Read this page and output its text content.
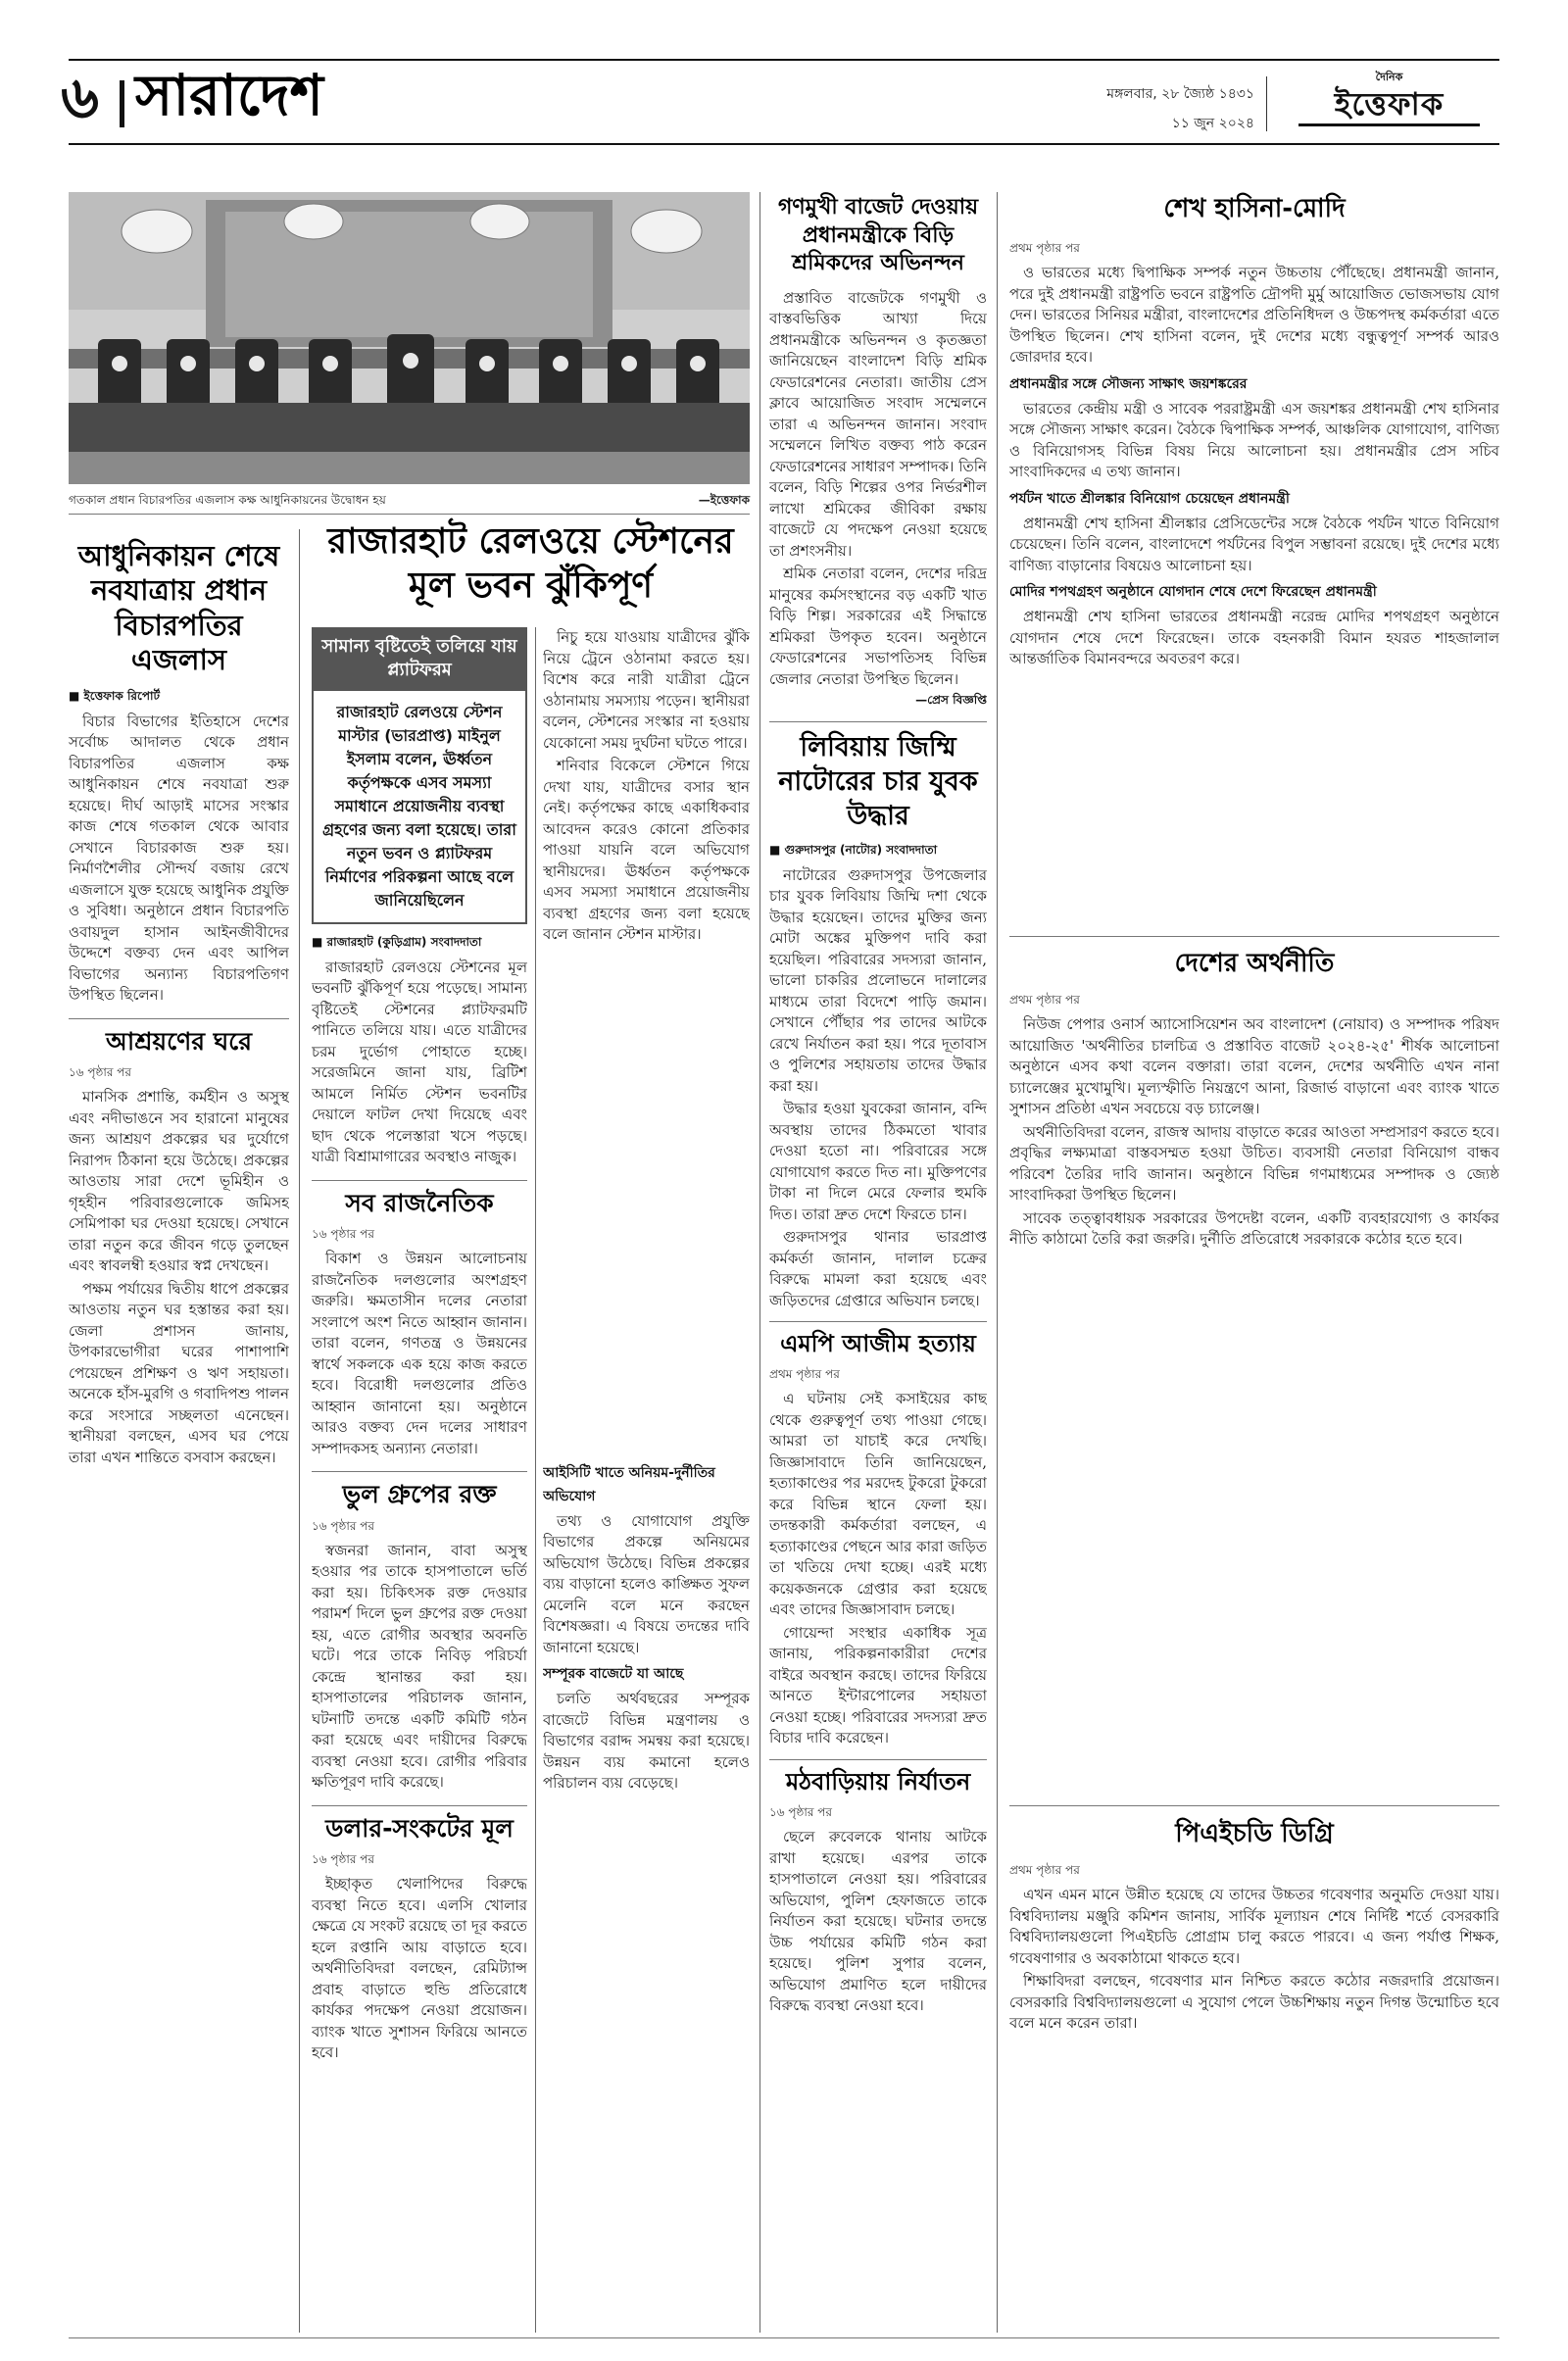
৬ সারাদেশ	মঙ্গলবার, ২৮ জ্যৈষ্ঠ ১৪৩১
১১ জুন ২০২৪
দৈনিক
ইত্তেফাক
গতকাল প্রধান বিচারপতির এজলাস কক্ষ আধুনিকায়নের উদ্বোধন হয়	—ইত্তেফাক
আধুনিকায়ন শেষে নবযাত্রায় প্রধান বিচারপতির এজলাস
■ ইত্তেফাক রিপোর্ট

বিচার বিভাগের ইতিহাসে দেশের সর্বোচ্চ আদালত থেকে প্রধান বিচারপতির এজলাস কক্ষ আধুনিকায়ন শেষে নবযাত্রা শুরু হয়েছে। দীর্ঘ আড়াই মাসের সংস্কার কাজ শেষে গতকাল থেকে আবার সেখানে বিচারকাজ শুরু হয়। নির্মাণশৈলীর সৌন্দর্য বজায় রেখে এজলাসে যুক্ত হয়েছে আধুনিক প্রযুক্তি ও সুবিধা। অনুষ্ঠানে প্রধান বিচারপতি ওবায়দুল হাসান আইনজীবীদের উদ্দেশে বক্তব্য দেন এবং আপিল বিভাগের অন্যান্য বিচারপতিগণ উপস্থিত ছিলেন।

আশ্রয়ণের ঘরে
১৬ পৃষ্ঠার পর

মানসিক প্রশান্তি, কর্মহীন ও অসুস্থ এবং নদীভাঙনে সব হারানো মানুষের জন্য আশ্রয়ণ প্রকল্পের ঘর দুর্যোগে নিরাপদ ঠিকানা হয়ে উঠেছে। প্রকল্পের আওতায় সারা দেশে ভূমিহীন ও গৃহহীন পরিবারগুলোকে জমিসহ সেমিপাকা ঘর দেওয়া হয়েছে। সেখানে তারা নতুন করে জীবন গড়ে তুলছেন এবং স্বাবলম্বী হওয়ার স্বপ্ন দেখছেন।

পক্ষম পর্যায়ের দ্বিতীয় ধাপে প্রকল্পের আওতায় নতুন ঘর হস্তান্তর করা হয়। জেলা প্রশাসন জানায়, উপকারভোগীরা ঘরের পাশাপাশি পেয়েছেন প্রশিক্ষণ ও ঋণ সহায়তা। অনেকে হাঁস-মুরগি ও গবাদিপশু পালন করে সংসারে সচ্ছলতা এনেছেন। স্থানীয়রা বলছেন, এসব ঘর পেয়ে তারা এখন শান্তিতে বসবাস করছেন।

রাজারহাট রেলওয়ে স্টেশনের মূল ভবন ঝুঁকিপূর্ণ
সামান্য বৃষ্টিতেই তলিয়ে যায় প্ল্যাটফরম
রাজারহাট রেলওয়ে স্টেশন মাস্টার (ভারপ্রাপ্ত) মাইনুল ইসলাম বলেন, ঊর্ধ্বতন কর্তৃপক্ষকে এসব সমস্যা সমাধানে প্রয়োজনীয় ব্যবস্থা গ্রহণের জন্য বলা হয়েছে। তারা নতুন ভবন ও প্ল্যাটফরম নির্মাণের পরিকল্পনা আছে বলে জানিয়েছিলেন
■ রাজারহাট (কুড়িগ্রাম) সংবাদদাতা

রাজারহাট রেলওয়ে স্টেশনের মূল ভবনটি ঝুঁকিপূর্ণ হয়ে পড়েছে। সামান্য বৃষ্টিতেই স্টেশনের প্ল্যাটফরমটি পানিতে তলিয়ে যায়। এতে যাত্রীদের চরম দুর্ভোগ পোহাতে হচ্ছে। সরেজমিনে জানা যায়, ব্রিটিশ আমলে নির্মিত স্টেশন ভবনটির দেয়ালে ফাটল দেখা দিয়েছে এবং ছাদ থেকে পলেস্তারা খসে পড়ছে। যাত্রী বিশ্রামাগারের অবস্থাও নাজুক।

সব রাজনৈতিক
১৬ পৃষ্ঠার পর

বিকাশ ও উন্নয়ন আলোচনায় রাজনৈতিক দলগুলোর অংশগ্রহণ জরুরি। ক্ষমতাসীন দলের নেতারা সংলাপে অংশ নিতে আহ্বান জানান। তারা বলেন, গণতন্ত্র ও উন্নয়নের স্বার্থে সকলকে এক হয়ে কাজ করতে হবে। বিরোধী দলগুলোর প্রতিও আহ্বান জানানো হয়। অনুষ্ঠানে আরও বক্তব্য দেন দলের সাধারণ সম্পাদকসহ অন্যান্য নেতারা।

ভুল গ্রুপের রক্ত
১৬ পৃষ্ঠার পর

স্বজনরা জানান, বাবা অসুস্থ হওয়ার পর তাকে হাসপাতালে ভর্তি করা হয়। চিকিৎসক রক্ত দেওয়ার পরামর্শ দিলে ভুল গ্রুপের রক্ত দেওয়া হয়, এতে রোগীর অবস্থার অবনতি ঘটে। পরে তাকে নিবিড় পরিচর্যা কেন্দ্রে স্থানান্তর করা হয়। হাসপাতালের পরিচালক জানান, ঘটনাটি তদন্তে একটি কমিটি গঠন করা হয়েছে এবং দায়ীদের বিরুদ্ধে ব্যবস্থা নেওয়া হবে। রোগীর পরিবার ক্ষতিপূরণ দাবি করেছে।

ডলার-সংকটের মূল
১৬ পৃষ্ঠার পর

ইচ্ছাকৃত খেলাপিদের বিরুদ্ধে ব্যবস্থা নিতে হবে। এলসি খোলার ক্ষেত্রে যে সংকট রয়েছে তা দূর করতে হলে রপ্তানি আয় বাড়াতে হবে। অর্থনীতিবিদরা বলছেন, রেমিট্যান্স প্রবাহ বাড়াতে হুন্ডি প্রতিরোধে কার্যকর পদক্ষেপ নেওয়া প্রয়োজন। ব্যাংক খাতে সুশাসন ফিরিয়ে আনতে হবে।

নিচু হয়ে যাওয়ায় যাত্রীদের ঝুঁকি নিয়ে ট্রেনে ওঠানামা করতে হয়। বিশেষ করে নারী যাত্রীরা ট্রেনে ওঠানামায় সমস্যায় পড়েন। স্থানীয়রা বলেন, স্টেশনের সংস্কার না হওয়ায় যেকোনো সময় দুর্ঘটনা ঘটতে পারে।

শনিবার বিকেলে স্টেশনে গিয়ে দেখা যায়, যাত্রীদের বসার স্থান নেই। কর্তৃপক্ষের কাছে একাধিকবার আবেদন করেও কোনো প্রতিকার পাওয়া যায়নি বলে অভিযোগ স্থানীয়দের। ঊর্ধ্বতন কর্তৃপক্ষকে এসব সমস্যা সমাধানে প্রয়োজনীয় ব্যবস্থা গ্রহণের জন্য বলা হয়েছে বলে জানান স্টেশন মাস্টার।

আইসিটি খাতে অনিয়ম-দুর্নীতির অভিযোগ

তথ্য ও যোগাযোগ প্রযুক্তি বিভাগের প্রকল্পে অনিয়মের অভিযোগ উঠেছে। বিভিন্ন প্রকল্পের ব্যয় বাড়ানো হলেও কাঙ্ক্ষিত সুফল মেলেনি বলে মনে করছেন বিশেষজ্ঞরা। এ বিষয়ে তদন্তের দাবি জানানো হয়েছে।

সম্পূরক বাজেটে যা আছে

চলতি অর্থবছরের সম্পূরক বাজেটে বিভিন্ন মন্ত্রণালয় ও বিভাগের বরাদ্দ সমন্বয় করা হয়েছে। উন্নয়ন ব্যয় কমানো হলেও পরিচালন ব্যয় বেড়েছে।

গণমুখী বাজেট দেওয়ায় প্রধানমন্ত্রীকে বিড়ি শ্রমিকদের অভিনন্দন

প্রস্তাবিত বাজেটকে গণমুখী ও বাস্তবভিত্তিক আখ্যা দিয়ে প্রধানমন্ত্রীকে অভিনন্দন ও কৃতজ্ঞতা জানিয়েছেন বাংলাদেশ বিড়ি শ্রমিক ফেডারেশনের নেতারা। জাতীয় প্রেস ক্লাবে আয়োজিত সংবাদ সম্মেলনে তারা এ অভিনন্দন জানান। সংবাদ সম্মেলনে লিখিত বক্তব্য পাঠ করেন ফেডারেশনের সাধারণ সম্পাদক। তিনি বলেন, বিড়ি শিল্পের ওপর নির্ভরশীল লাখো শ্রমিকের জীবিকা রক্ষায় বাজেটে যে পদক্ষেপ নেওয়া হয়েছে তা প্রশংসনীয়।

শ্রমিক নেতারা বলেন, দেশের দরিদ্র মানুষের কর্মসংস্থানের বড় একটি খাত বিড়ি শিল্প। সরকারের এই সিদ্ধান্তে শ্রমিকরা উপকৃত হবেন। অনুষ্ঠানে ফেডারেশনের সভাপতিসহ বিভিন্ন জেলার নেতারা উপস্থিত ছিলেন।

—প্রেস বিজ্ঞপ্তি
লিবিয়ায় জিম্মি নাটোরের চার যুবক উদ্ধার
■ গুরুদাসপুর (নাটোর) সংবাদদাতা

নাটোরের গুরুদাসপুর উপজেলার চার যুবক লিবিয়ায় জিম্মি দশা থেকে উদ্ধার হয়েছেন। তাদের মুক্তির জন্য মোটা অঙ্কের মুক্তিপণ দাবি করা হয়েছিল। পরিবারের সদস্যরা জানান, ভালো চাকরির প্রলোভনে দালালের মাধ্যমে তারা বিদেশে পাড়ি জমান। সেখানে পৌঁছার পর তাদের আটকে রেখে নির্যাতন করা হয়। পরে দূতাবাস ও পুলিশের সহায়তায় তাদের উদ্ধার করা হয়।

উদ্ধার হওয়া যুবকেরা জানান, বন্দি অবস্থায় তাদের ঠিকমতো খাবার দেওয়া হতো না। পরিবারের সঙ্গে যোগাযোগ করতে দিত না। মুক্তিপণের টাকা না দিলে মেরে ফেলার হুমকি দিত। তারা দ্রুত দেশে ফিরতে চান।

গুরুদাসপুর থানার ভারপ্রাপ্ত কর্মকর্তা জানান, দালাল চক্রের বিরুদ্ধে মামলা করা হয়েছে এবং জড়িতদের গ্রেপ্তারে অভিযান চলছে।

এমপি আজীম হত্যায়
প্রথম পৃষ্ঠার পর

এ ঘটনায় সেই কসাইয়ের কাছ থেকে গুরুত্বপূর্ণ তথ্য পাওয়া গেছে। আমরা তা যাচাই করে দেখছি। জিজ্ঞাসাবাদে তিনি জানিয়েছেন, হত্যাকাণ্ডের পর মরদেহ টুকরো টুকরো করে বিভিন্ন স্থানে ফেলা হয়। তদন্তকারী কর্মকর্তারা বলছেন, এ হত্যাকাণ্ডের পেছনে আর কারা জড়িত তা খতিয়ে দেখা হচ্ছে। এরই মধ্যে কয়েকজনকে গ্রেপ্তার করা হয়েছে এবং তাদের জিজ্ঞাসাবাদ চলছে।

গোয়েন্দা সংস্থার একাধিক সূত্র জানায়, পরিকল্পনাকারীরা দেশের বাইরে অবস্থান করছে। তাদের ফিরিয়ে আনতে ইন্টারপোলের সহায়তা নেওয়া হচ্ছে। পরিবারের সদস্যরা দ্রুত বিচার দাবি করেছেন।

মঠবাড়িয়ায় নির্যাতন
১৬ পৃষ্ঠার পর

ছেলে রুবেলকে থানায় আটকে রাখা হয়েছে। এরপর তাকে হাসপাতালে নেওয়া হয়। পরিবারের অভিযোগ, পুলিশ হেফাজতে তাকে নির্যাতন করা হয়েছে। ঘটনার তদন্তে উচ্চ পর্যায়ের কমিটি গঠন করা হয়েছে। পুলিশ সুপার বলেন, অভিযোগ প্রমাণিত হলে দায়ীদের বিরুদ্ধে ব্যবস্থা নেওয়া হবে।

শেখ হাসিনা-মোদি
প্রথম পৃষ্ঠার পর

ও ভারতের মধ্যে দ্বিপাক্ষিক সম্পর্ক নতুন উচ্চতায় পৌঁছেছে। প্রধানমন্ত্রী জানান, পরে দুই প্রধানমন্ত্রী রাষ্ট্রপতি ভবনে রাষ্ট্রপতি দ্রৌপদী মুর্মু আয়োজিত ভোজসভায় যোগ দেন। ভারতের সিনিয়র মন্ত্রীরা, বাংলাদেশের প্রতিনিধিদল ও উচ্চপদস্থ কর্মকর্তারা এতে উপস্থিত ছিলেন। শেখ হাসিনা বলেন, দুই দেশের মধ্যে বন্ধুত্বপূর্ণ সম্পর্ক আরও জোরদার হবে।

প্রধানমন্ত্রীর সঙ্গে সৌজন্য সাক্ষাৎ জয়শঙ্করের

ভারতের কেন্দ্রীয় মন্ত্রী ও সাবেক পররাষ্ট্রমন্ত্রী এস জয়শঙ্কর প্রধানমন্ত্রী শেখ হাসিনার সঙ্গে সৌজন্য সাক্ষাৎ করেন। বৈঠকে দ্বিপাক্ষিক সম্পর্ক, আঞ্চলিক যোগাযোগ, বাণিজ্য ও বিনিয়োগসহ বিভিন্ন বিষয় নিয়ে আলোচনা হয়। প্রধানমন্ত্রীর প্রেস সচিব সাংবাদিকদের এ তথ্য জানান।

পর্যটন খাতে শ্রীলঙ্কার বিনিয়োগ চেয়েছেন প্রধানমন্ত্রী

প্রধানমন্ত্রী শেখ হাসিনা শ্রীলঙ্কার প্রেসিডেন্টের সঙ্গে বৈঠকে পর্যটন খাতে বিনিয়োগ চেয়েছেন। তিনি বলেন, বাংলাদেশে পর্যটনের বিপুল সম্ভাবনা রয়েছে। দুই দেশের মধ্যে বাণিজ্য বাড়ানোর বিষয়েও আলোচনা হয়।

মোদির শপথগ্রহণ অনুষ্ঠানে যোগদান শেষে দেশে ফিরেছেন প্রধানমন্ত্রী

প্রধানমন্ত্রী শেখ হাসিনা ভারতের প্রধানমন্ত্রী নরেন্দ্র মোদির শপথগ্রহণ অনুষ্ঠানে যোগদান শেষে দেশে ফিরেছেন। তাকে বহনকারী বিমান হযরত শাহজালাল আন্তর্জাতিক বিমানবন্দরে অবতরণ করে।

দেশের অর্থনীতি
প্রথম পৃষ্ঠার পর

নিউজ পেপার ওনার্স অ্যাসোসিয়েশন অব বাংলাদেশ (নোয়াব) ও সম্পাদক পরিষদ আয়োজিত 'অর্থনীতির চালচিত্র ও প্রস্তাবিত বাজেট ২০২৪-২৫' শীর্ষক আলোচনা অনুষ্ঠানে এসব কথা বলেন বক্তারা। তারা বলেন, দেশের অর্থনীতি এখন নানা চ্যালেঞ্জের মুখোমুখি। মূল্যস্ফীতি নিয়ন্ত্রণে আনা, রিজার্ভ বাড়ানো এবং ব্যাংক খাতে সুশাসন প্রতিষ্ঠা এখন সবচেয়ে বড় চ্যালেঞ্জ।

অর্থনীতিবিদরা বলেন, রাজস্ব আদায় বাড়াতে করের আওতা সম্প্রসারণ করতে হবে। প্রবৃদ্ধির লক্ষ্যমাত্রা বাস্তবসম্মত হওয়া উচিত। ব্যবসায়ী নেতারা বিনিয়োগ বান্ধব পরিবেশ তৈরির দাবি জানান। অনুষ্ঠানে বিভিন্ন গণমাধ্যমের সম্পাদক ও জ্যেষ্ঠ সাংবাদিকরা উপস্থিত ছিলেন।

সাবেক তত্ত্বাবধায়ক সরকারের উপদেষ্টা বলেন, একটি ব্যবহারযোগ্য ও কার্যকর নীতি কাঠামো তৈরি করা জরুরি। দুর্নীতি প্রতিরোধে সরকারকে কঠোর হতে হবে।

পিএইচডি ডিগ্রি
প্রথম পৃষ্ঠার পর

এখন এমন মানে উন্নীত হয়েছে যে তাদের উচ্চতর গবেষণার অনুমতি দেওয়া যায়। বিশ্ববিদ্যালয় মঞ্জুরি কমিশন জানায়, সার্বিক মূল্যায়ন শেষে নির্দিষ্ট শর্তে বেসরকারি বিশ্ববিদ্যালয়গুলো পিএইচডি প্রোগ্রাম চালু করতে পারবে। এ জন্য পর্যাপ্ত শিক্ষক, গবেষণাগার ও অবকাঠামো থাকতে হবে।

শিক্ষাবিদরা বলছেন, গবেষণার মান নিশ্চিত করতে কঠোর নজরদারি প্রয়োজন। বেসরকারি বিশ্ববিদ্যালয়গুলো এ সুযোগ পেলে উচ্চশিক্ষায় নতুন দিগন্ত উন্মোচিত হবে বলে মনে করেন তারা।
